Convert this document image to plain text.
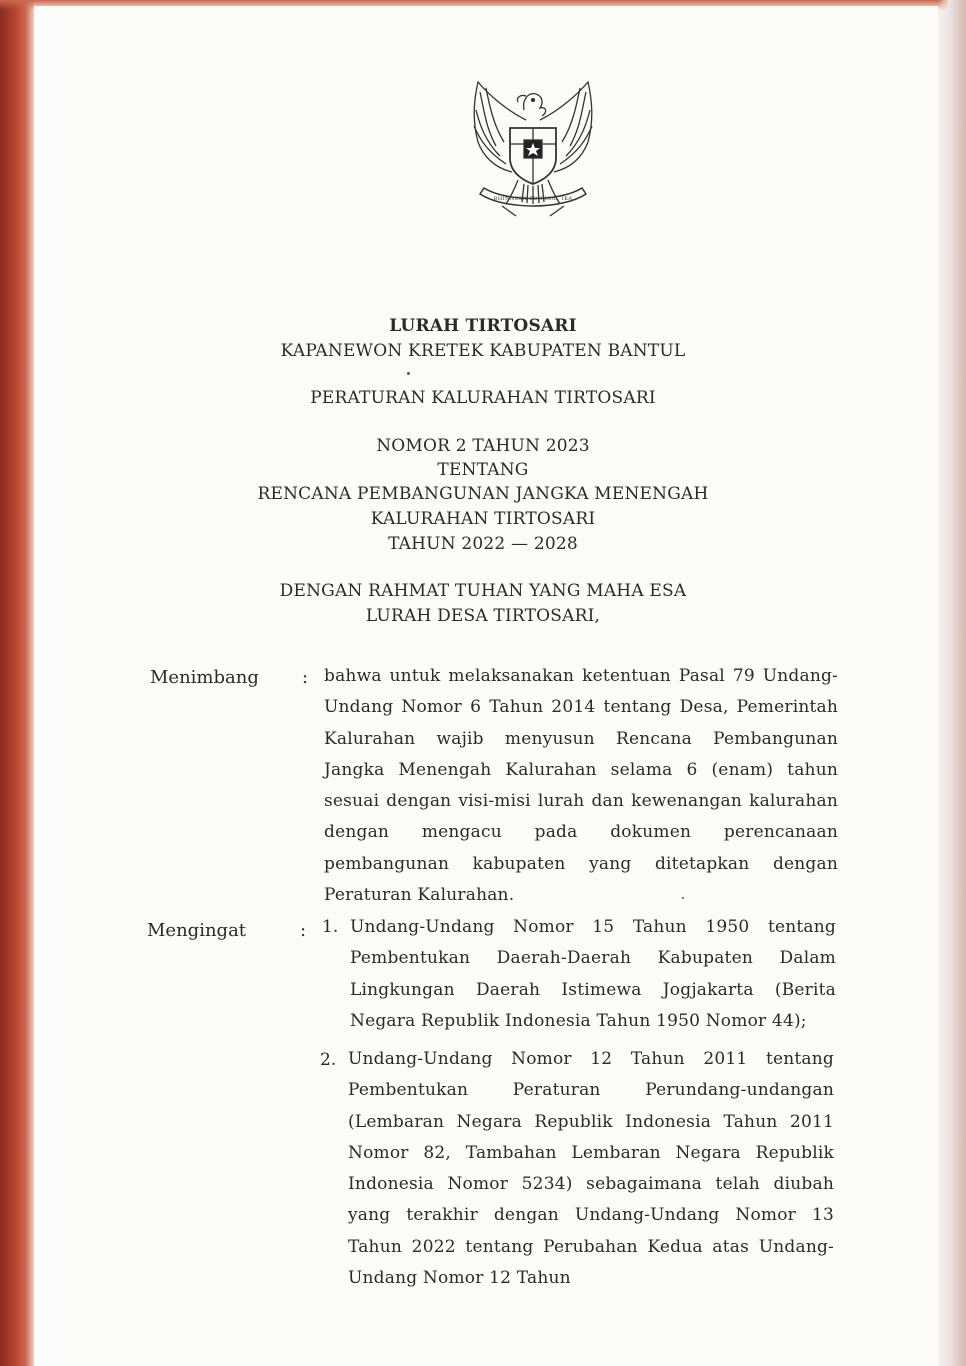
BHINNEKA TUNGGAL IKA

LURAH TIRTOSARI

KAPANEWON KRETEK KABUPATEN BANTUL

PERATURAN KALURAHAN TIRTOSARI

NOMOR 2 TAHUN 2023

TENTANG

RENCANA PEMBANGUNAN JANGKA MENENGAH

KALURAHAN TIRTOSARI

TAHUN 2022 — 2028

DENGAN RAHMAT TUHAN YANG MAHA ESA

LURAH DESA TIRTOSARI,

Menimbang : bahwa untuk melaksanakan ketentuan Pasal 79 Undang-Undang Nomor 6 Tahun 2014 tentang Desa, Pemerintah Kalurahan wajib menyusun Rencana Pembangunan Jangka Menengah Kalurahan selama 6 (enam) tahun sesuai dengan visi-misi lurah dan kewenangan kalurahan dengan mengacu pada dokumen perencanaan pembangunan kabupaten yang ditetapkan dengan Peraturan Kalurahan.

Mengingat	: 1. Undang-Undang Nomor 15 Tahun 1950 tentang Pembentukan Daerah-Daerah Kabupaten Dalam Lingkungan Daerah Istimewa Jogjakarta (Berita Negara Republik Indonesia Tahun 1950 Nomor 44);

2. Undang-Undang Nomor 12 Tahun 2011 tentang Pembentukan Peraturan Perundang-undangan (Lembaran Negara Republik Indonesia Tahun 2011 Nomor 82, Tambahan Lembaran Negara Republik Indonesia Nomor 5234) sebagaimana telah diubah yang terakhir dengan Undang-Undang Nomor 13 Tahun 2022 tentang Perubahan Kedua atas Undang-Undang Nomor 12 Tahun
